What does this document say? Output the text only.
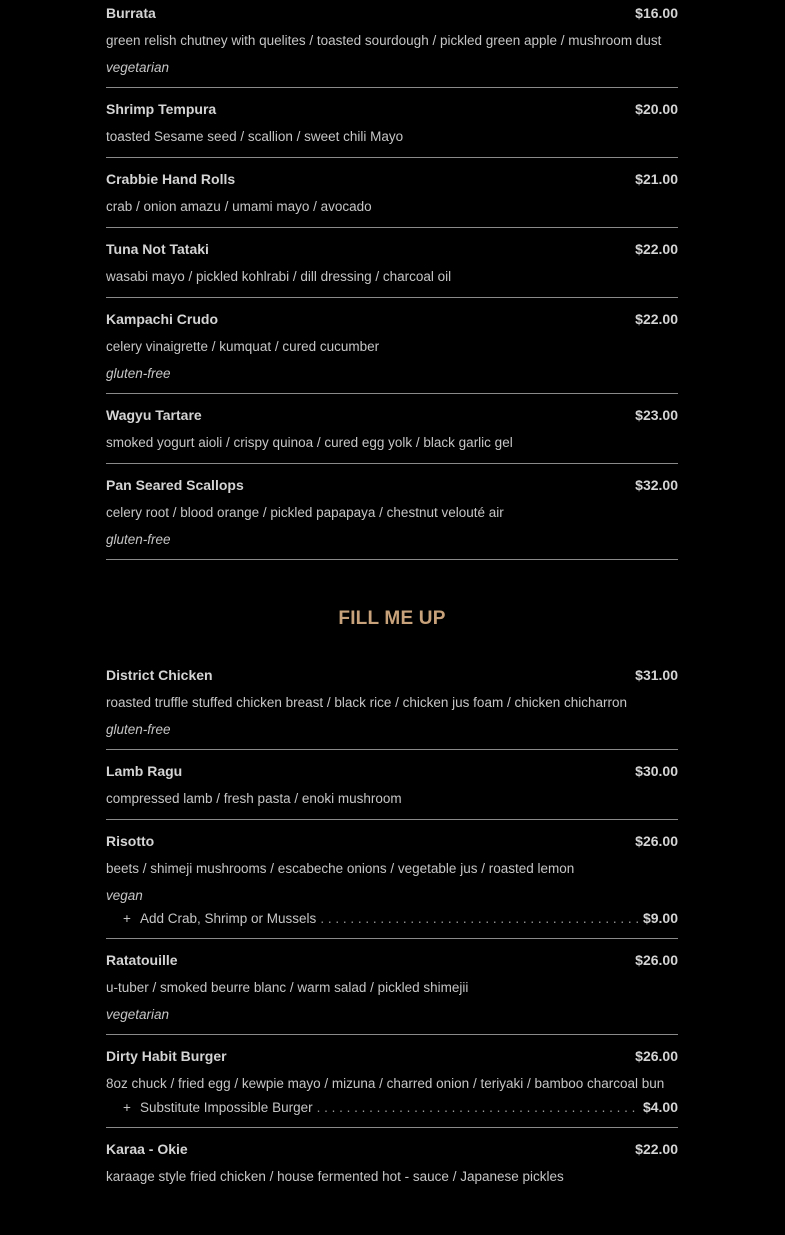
Burrata	$16.00
green relish chutney with quelites / toasted sourdough / pickled green apple / mushroom dust
vegetarian
Shrimp Tempura	$20.00
toasted Sesame seed / scallion / sweet chili Mayo
Crabbie Hand Rolls	$21.00
crab / onion amazu / umami mayo / avocado
Tuna Not Tataki	$22.00
wasabi mayo / pickled kohlrabi / dill dressing / charcoal oil
Kampachi Crudo	$22.00
celery vinaigrette / kumquat / cured cucumber
gluten-free
Wagyu Tartare	$23.00
smoked yogurt aioli / crispy quinoa / cured egg yolk / black garlic gel
Pan Seared Scallops	$32.00
celery root / blood orange / pickled papapaya / chestnut velouté air
gluten-free
FILL ME UP
District Chicken	$31.00
roasted truffle stuffed chicken breast / black rice / chicken jus foam / chicken chicharron
gluten-free
Lamb Ragu	$30.00
compressed lamb / fresh pasta / enoki mushroom
Risotto	$26.00
beets / shimeji mushrooms / escabeche onions / vegetable jus / roasted lemon
vegan
+ Add Crab, Shrimp or Mussels . . .	$9.00
Ratatouille	$26.00
u-tuber / smoked beurre blanc / warm salad / pickled shimejii
vegetarian
Dirty Habit Burger	$26.00
8oz chuck / fried egg / kewpie mayo / mizuna / charred onion / teriyaki / bamboo charcoal bun
+ Substitute Impossible Burger . . .	$4.00
Karaa - Okie	$22.00
karaage style fried chicken / house fermented hot - sauce / Japanese pickles
